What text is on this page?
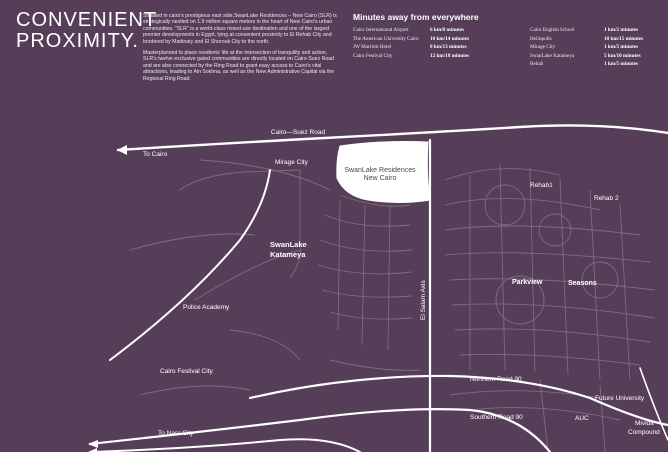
CONVENIENT
PROXIMITY.

Situated in cairo's prestigious east side,SwanLake Residences – New Cairo (SLR) is strategically nestled on 1.9 million square meters in the heart of New Cairo's urban communities. "SLR" is a world-class mixed-use destination and one of the largest premier developments in Egypt, lying at convenient proximity to El Rehab City and bordered by Madinaty and El Shorouk City to the north.

Masterplanned to place residents' life at the intersection of tranquility and action, SLR's twelve exclusive gated communities are directly located on Cairo-Suez Road and are also connected by the Ring Road to grant easy access to Cairo's vital attractions, leading to Ain Sokhna, as well as the New Administrative Capital via the Regional Ring Road.

Minutes away from everywhere
Cairo International Airport	6 km/8 minutes
The American University Cairo	10 km/14 minutes
JW Marriott Hotel	8 km/13 minutes
Cairo Festival City	12 km/18 minutes
Cairo English School	1 km/2 minutes
Heliopolis	10 km/15 minutes
Mirage City	1 km/5 minutes
SwanLake Katameya	5 km/10 minutes
Rehab	1 km/5 minutes
SwanLake Residences
New Cairo
Cairo—Suez Road
To Cairo
El Salam Axis
Northern Road 90
Southern Road 90
To Nasr City
Mirage City
SwanLake
Katameya
Police Academy
Cairo Festival City
Rehab1
Rehab 2
Parkview	Seasons
Future University
AUC
Mivida
Compound
